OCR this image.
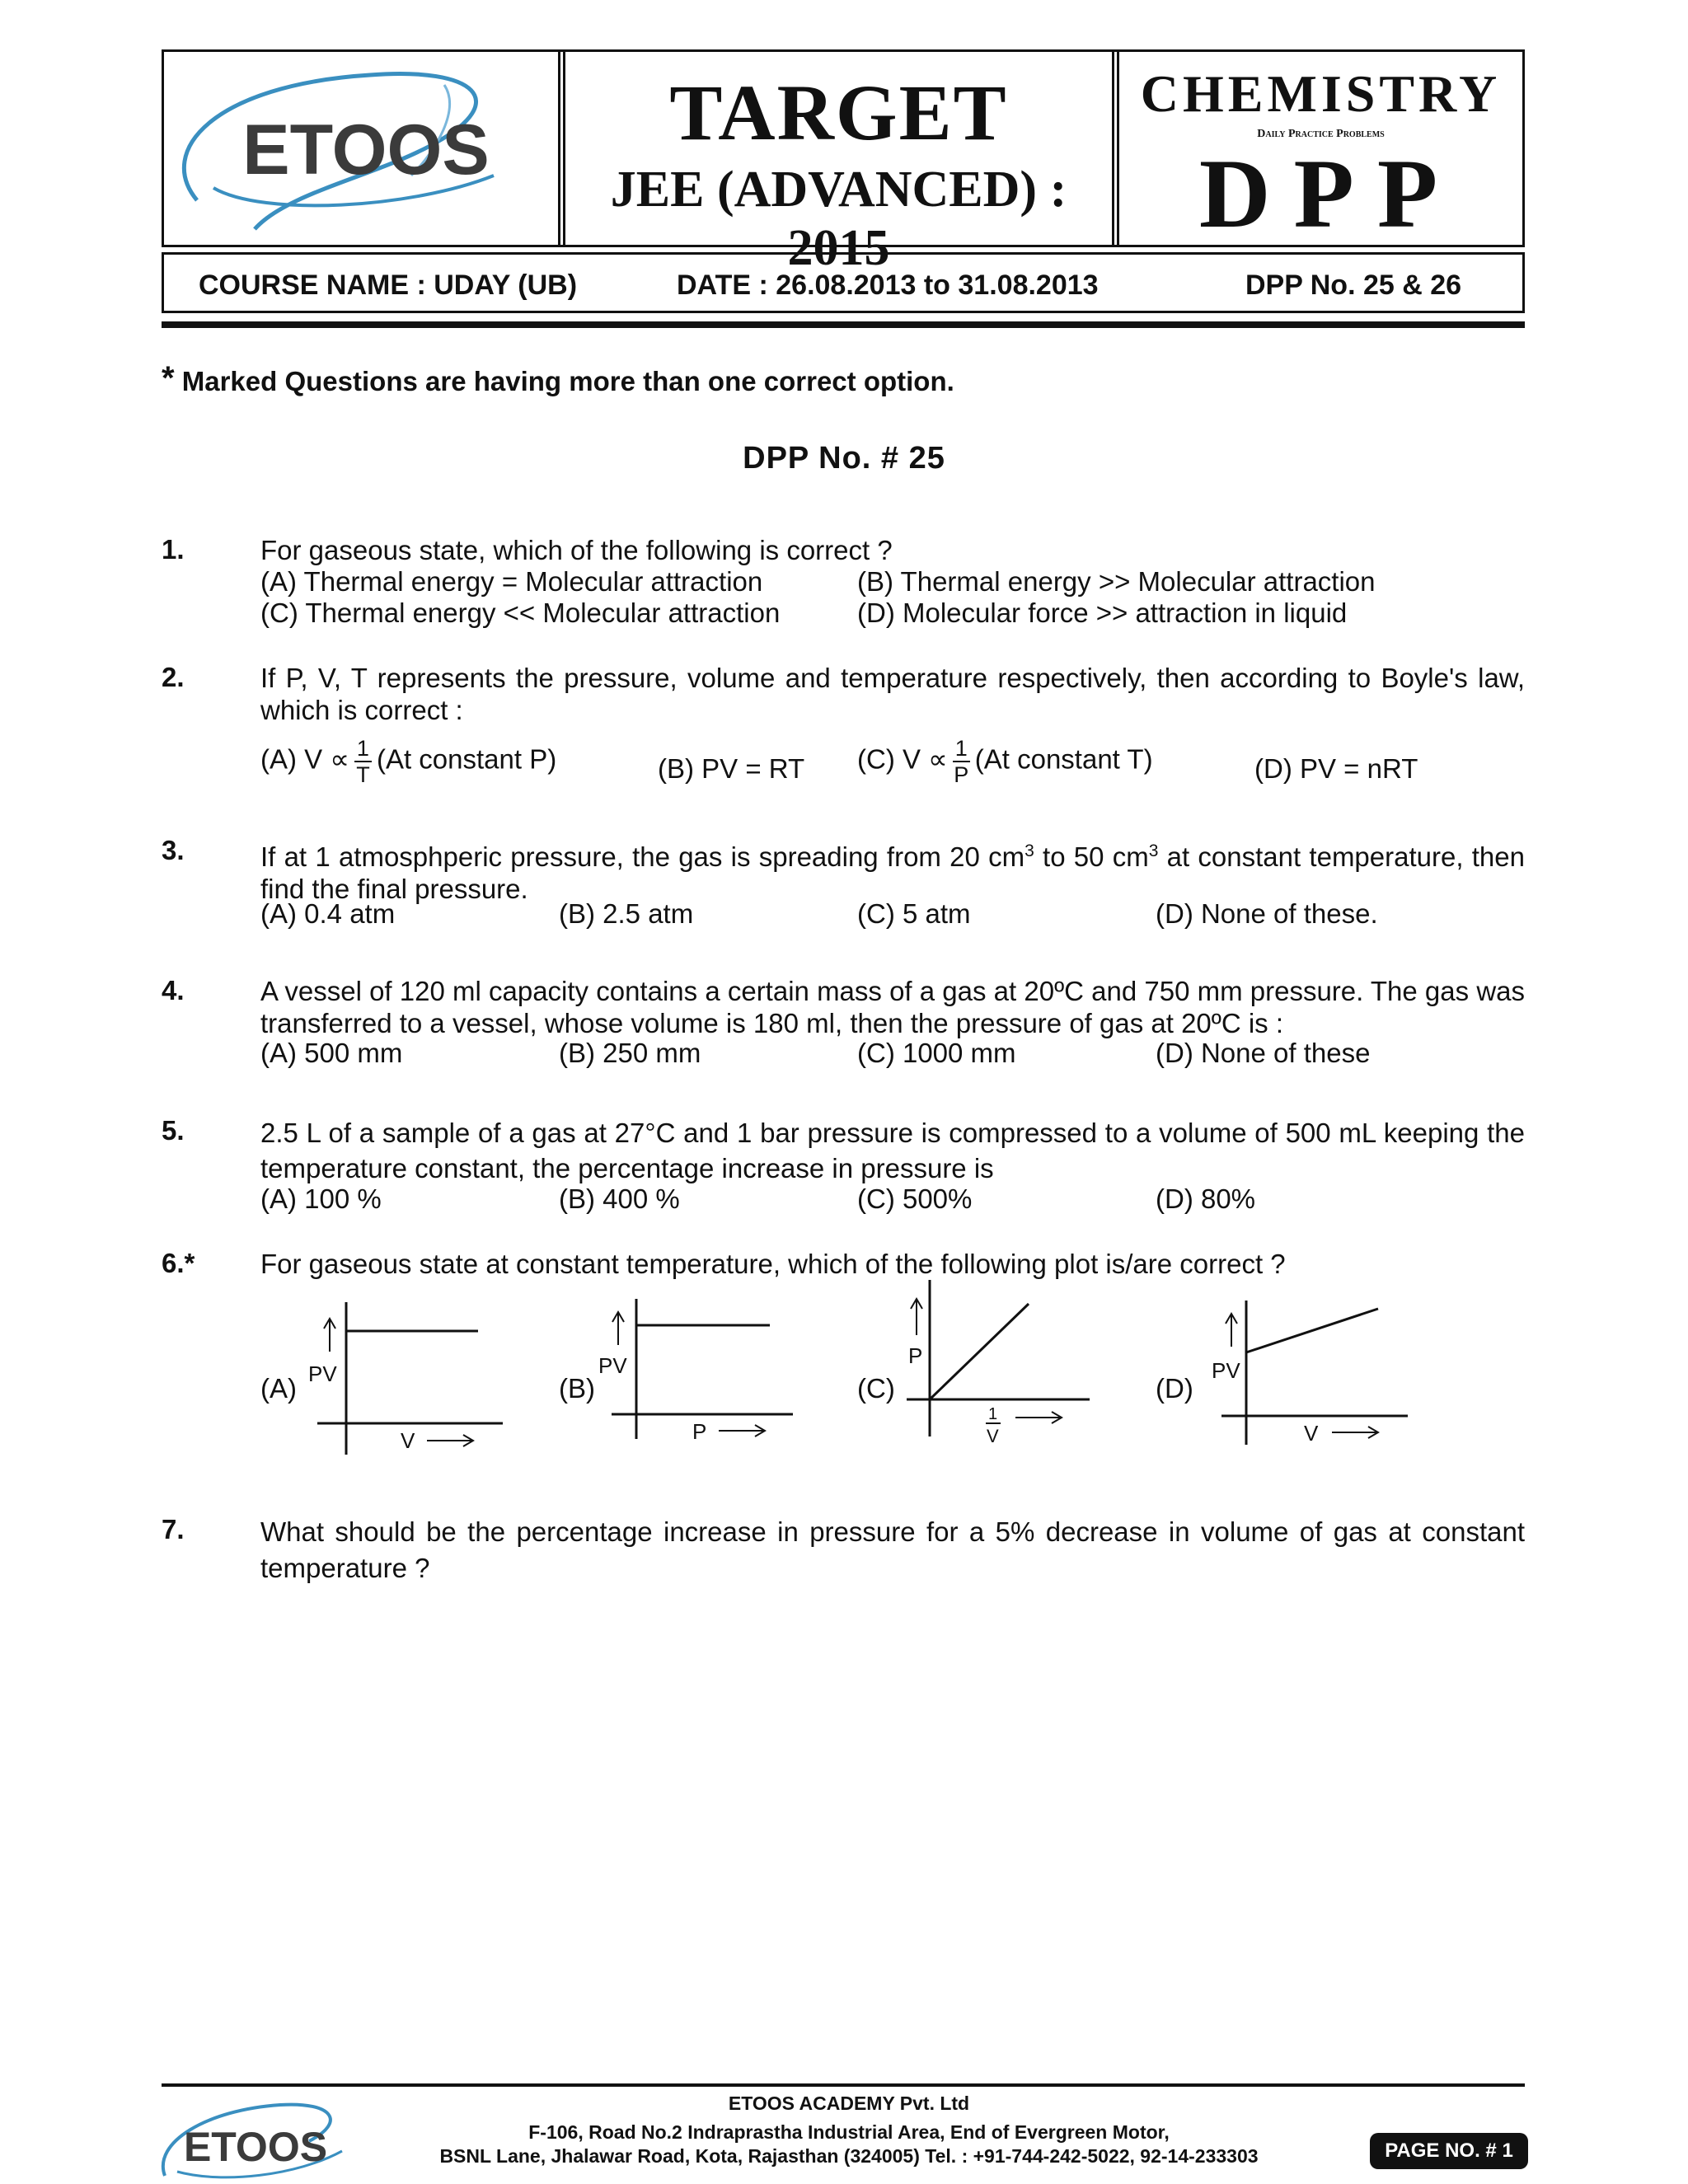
ETOOS	TARGET
JEE (ADVANCED) : 2015
CHEMISTRY
Daily Practice Problems
DPP
COURSE NAME : UDAY (UB)	DATE : 26.08.2013 to 31.08.2013	DPP No. 25 & 26
* Marked Questions are having more than one correct option.
DPP No. # 25
1.	For gaseous state, which of the following is correct ?
(A) Thermal energy = Molecular attraction	(B) Thermal energy >> Molecular attraction
(C) Thermal energy << Molecular attraction	(D) Molecular force >> attraction in liquid
2.	If P, V, T represents the pressure, volume and temperature respectively, then according to Boyle's law, which is correct :
(A) $V \propto \frac{1}{T} (At$ constant P)	(B) PV = RT (C) $V \propto \frac{1}{P} (At$ constant T)	(D) PV = nRT
3.	If at 1 atmosphperic pressure, the gas is spreading from 20 $cm^3$ to 50 $cm^3$ at constant temperature, then find the final pressure.
(A) 0.4 atm	(B) 2.5 atm	(C) 5 atm	(D) None of these.
4.	A vessel of 120 ml capacity contains a certain mass of a gas at 20ºC and 750 mm pressure. The gas was transferred to a vessel, whose volume is 180 ml, then the pressure of gas at 20ºC is :
(A) 500 mm	(B) 250 mm	(C) 1000 mm	(D) None of these
5.	2.5 L of a sample of a gas at 27°C and 1 bar pressure is compressed to a volume of 500 mL keeping the temperature constant, the percentage increase in pressure is
(A) 100 %	(B) 400 %	(C) 500%	(D) 80%
6.* For gaseous state at constant temperature, which of the following plot is/are correct ?
(A) PV
V
(B)
PV
P
(C)
P
1
V
(D)
PV
V
7.	What should be the percentage increase in pressure for a 5% decrease in volume of gas at constant temperature ?
ETOOS
ETOOS ACADEMY Pvt. Ltd
F-106, Road No.2 Indraprastha Industrial Area, End of Evergreen Motor,
BSNL Lane, Jhalawar Road, Kota, Rajasthan (324005) Tel. : +91-744-242-5022, 92-14-233303	PAGE NO. # 1
